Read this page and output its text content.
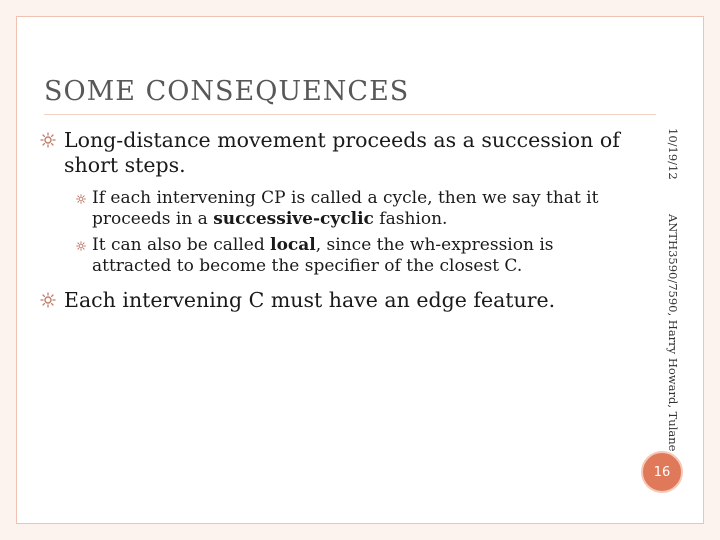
SOME CONSEQUENCES
Long-distance movement proceeds as a succession of short steps.
If each intervening CP is called a cycle, then we say that it proceeds in a successive-cyclic fashion.
It can also be called local, since the wh-expression is attracted to become the specifier of the closest C.
Each intervening C must have an edge feature.
10/19/12
ANTH3590/7590, Harry Howard, Tulane
16
